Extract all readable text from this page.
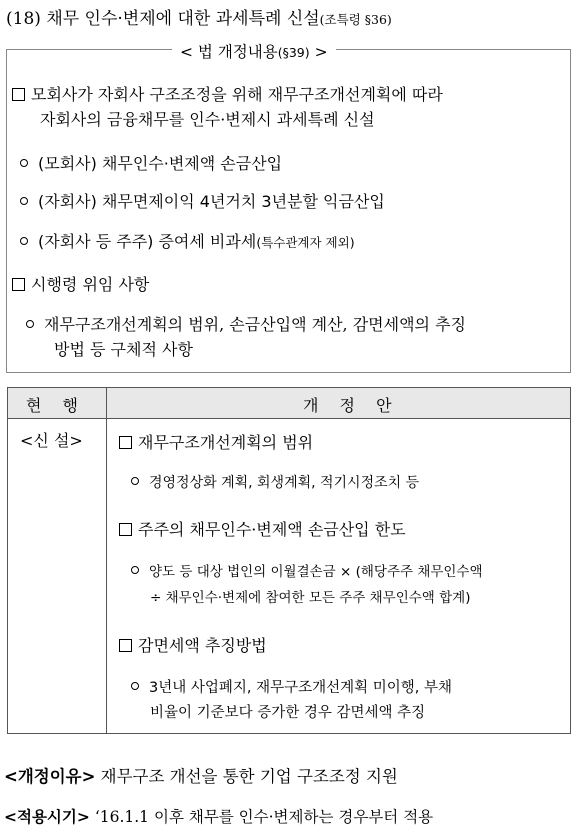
(18) 채무 인수·변제에 대한 과세특례 신설(조특령 §36)
< 법 개정내용(§39) >
모회사가 자회사 구조조정을 위해 재무구조개선계획에 따라
자회사의 금융채무를 인수·변제시 과세특례 신설
(모회사) 채무인수·변제액 손금산입
(자회사) 채무면제이익 4년거치 3년분할 익금산입
(자회사 등 주주) 증여세 비과세(특수관계자 제외)
시행령 위임 사항
재무구조개선계획의 범위, 손금산입액 계산, 감면세액의 추징
방법 등 구체적 사항
현 행	개 정 안
<신 설>	재무구조개선계획의 범위
경영정상화 계획, 회생계획, 적기시정조치 등
주주의 채무인수·변제액 손금산입 한도
양도 등 대상 법인의 이월결손금 × (해당주주 채무인수액
÷ 채무인수·변제에 참여한 모든 주주 채무인수액 합계)
감면세액 추징방법
3년내 사업폐지, 재무구조개선계획 미이행, 부채
비율이 기준보다 증가한 경우 감면세액 추징
<개정이유> 재무구조 개선을 통한 기업 구조조정 지원
<적용시기> ‘16.1.1 이후 채무를 인수·변제하는 경우부터 적용
